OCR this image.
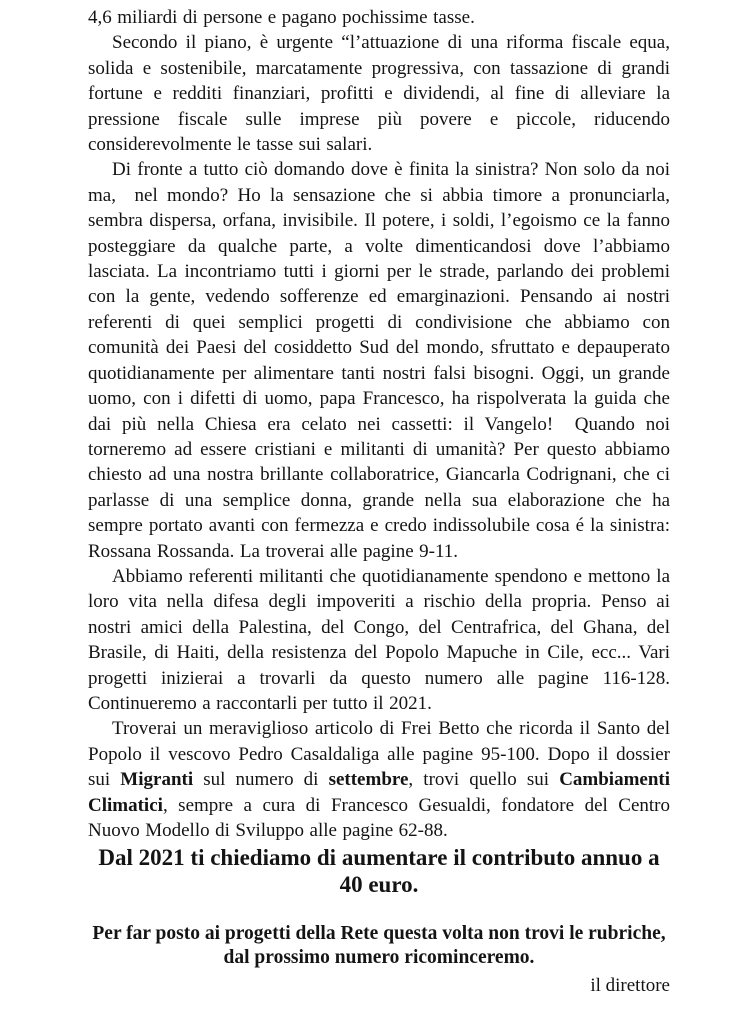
4,6 miliardi di persone e pagano pochissime tasse.

Secondo il piano, è urgente “l’attuazione di una riforma fiscale equa, solida e sostenibile, marcatamente progressiva, con tassazione di grandi fortune e redditi finanziari, profitti e dividendi, al fine di alleviare la pressione fiscale sulle imprese più povere e piccole, riducendo considerevolmente le tasse sui salari.

Di fronte a tutto ciò domando dove è finita la sinistra? Non solo da noi ma,  nel mondo? Ho la sensazione che si abbia timore a pronunciarla, sembra dispersa, orfana, invisibile. Il potere, i soldi, l’egoismo ce la fanno posteggiare da qualche parte, a volte dimenticandosi dove l’abbiamo lasciata. La incontriamo tutti i giorni per le strade, parlando dei problemi con la gente, vedendo sofferenze ed emarginazioni. Pensando ai nostri referenti di quei semplici progetti di condivisione che abbiamo con comunità dei Paesi del cosiddetto Sud del mondo, sfruttato e depauperato quotidianamente per alimentare tanti nostri falsi bisogni. Oggi, un grande uomo, con i difetti di uomo, papa Francesco, ha rispolverata la guida che dai più nella Chiesa era celato nei cassetti: il Vangelo!  Quando noi torneremo ad essere cristiani e militanti di umanità? Per questo abbiamo chiesto ad una nostra brillante collaboratrice, Giancarla Codrignani, che ci parlasse di una semplice donna, grande nella sua elaborazione che ha sempre portato avanti con fermezza e credo indissolubile cosa é la sinistra: Rossana Rossanda. La troverai alle pagine 9-11.

Abbiamo referenti militanti che quotidianamente spendono e mettono la loro vita nella difesa degli impoveriti a rischio della propria. Penso ai nostri amici della Palestina, del Congo, del Centrafrica, del Ghana, del Brasile, di Haiti, della resistenza del Popolo Mapuche in Cile, ecc... Vari progetti inizierai a trovarli da questo numero alle pagine 116-128. Continueremo a raccontarli per tutto il 2021.

Troverai un meraviglioso articolo di Frei Betto che ricorda il Santo del Popolo il vescovo Pedro Casaldaliga alle pagine 95-100. Dopo il dossier sui Migranti sul numero di settembre, trovi quello sui Cambiamenti Climatici, sempre a cura di Francesco Gesualdi, fondatore del Centro Nuovo Modello di Sviluppo alle pagine 62-88.

Dal 2021 ti chiediamo di aumentare il contributo annuo a 40 euro.

Per far posto ai progetti della Rete questa volta non trovi le rubriche, dal prossimo numero ricominceremo.

il direttore
